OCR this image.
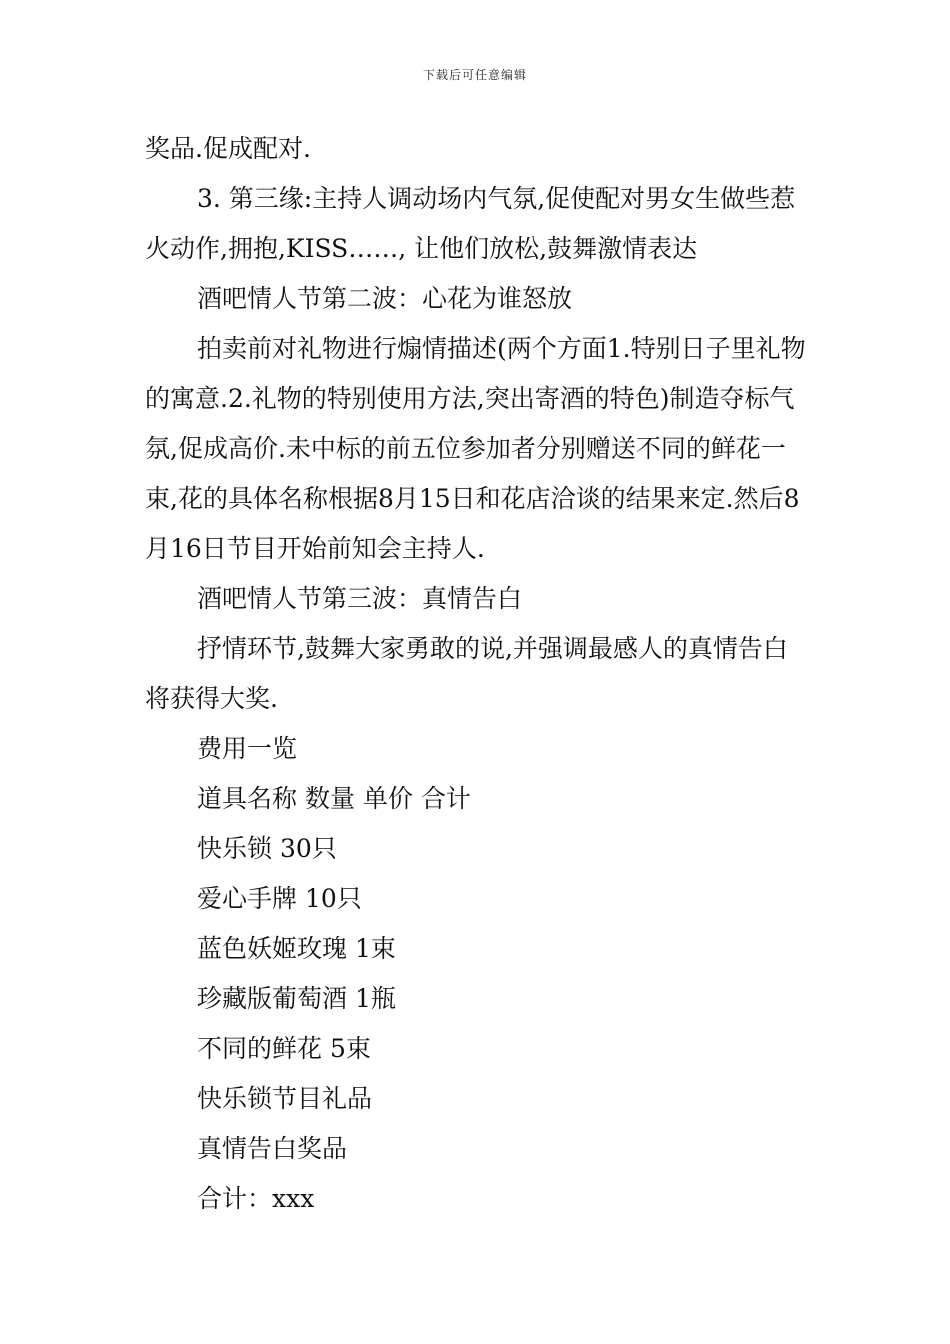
下载后可任意编辑

奖品.促成配对.

3. 第三缘:主持人调动场内气氛,促使配对男女生做些惹火动作,拥抱,KISS……, 让他们放松,鼓舞激情表达

酒吧情人节第二波：心花为谁怒放

拍卖前对礼物进行煽情描述(两个方面1.特别日子里礼物的寓意.2.礼物的特别使用方法,突出寄酒的特色)制造夺标气氛,促成高价.未中标的前五位参加者分别赠送不同的鲜花一束,花的具体名称根据8月15日和花店洽谈的结果来定.然后8月16日节目开始前知会主持人.

酒吧情人节第三波：真情告白

抒情环节,鼓舞大家勇敢的说,并强调最感人的真情告白将获得大奖.

费用一览

道具名称 数量 单价 合计

快乐锁 30只

爱心手牌 10只

蓝色妖姬玫瑰 1束

珍藏版葡萄酒 1瓶

不同的鲜花 5束

快乐锁节目礼品

真情告白奖品

合计：xxx
